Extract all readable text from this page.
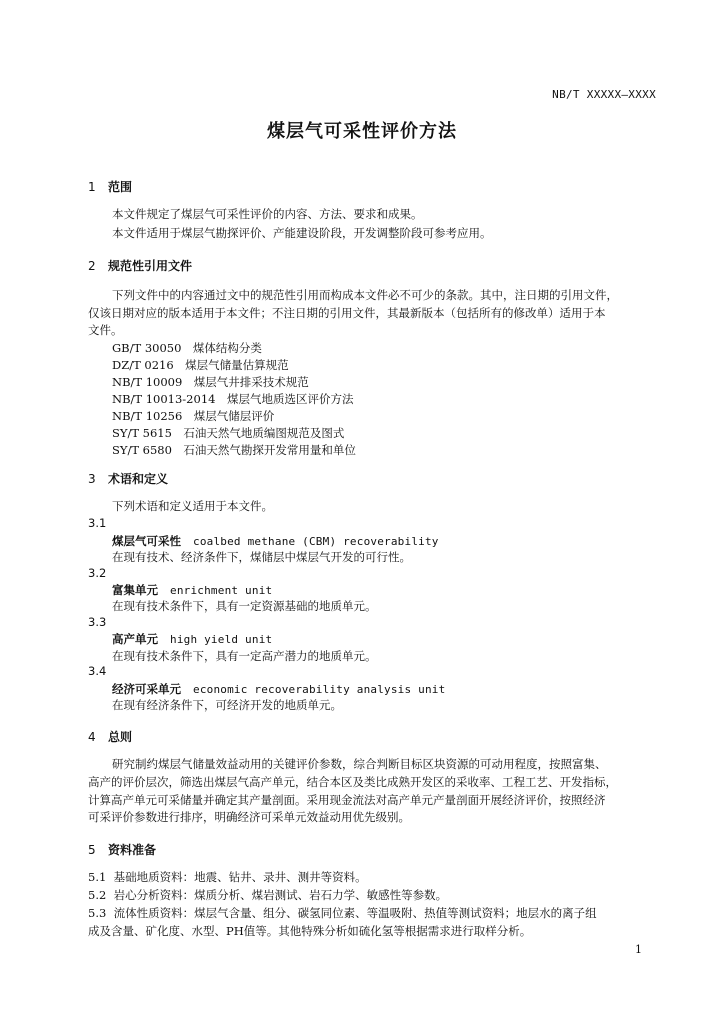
NB/T XXXXX—XXXX
煤层气可采性评价方法
1 范围
本文件规定了煤层气可采性评价的内容、方法、要求和成果。
本文件适用于煤层气勘探评价、产能建设阶段，开发调整阶段可参考应用。
2 规范性引用文件
下列文件中的内容通过文中的规范性引用而构成本文件必不可少的条款。其中，注日期的引用文件，
仅该日期对应的版本适用于本文件；不注日期的引用文件，其最新版本（包括所有的修改单）适用于本
文件。
GB/T 30050　煤体结构分类
DZ/T 0216　煤层气储量估算规范
NB/T 10009　煤层气井排采技术规范
NB/T 10013-2014　煤层气地质选区评价方法
NB/T 10256　煤层气储层评价
SY/T 5615　石油天然气地质编图规范及图式
SY/T 6580　石油天然气勘探开发常用量和单位
3 术语和定义
下列术语和定义适用于本文件。
3.1
煤层气可采性 coalbed methane (CBM) recoverability
在现有技术、经济条件下，煤储层中煤层气开发的可行性。
3.2
富集单元 enrichment unit
在现有技术条件下，具有一定资源基础的地质单元。
3.3
高产单元 high yield unit
在现有技术条件下，具有一定高产潜力的地质单元。
3.4
经济可采单元 economic recoverability analysis unit
在现有经济条件下，可经济开发的地质单元。
4 总则
研究制约煤层气储量效益动用的关键评价参数，综合判断目标区块资源的可动用程度，按照富集、
高产的评价层次，筛选出煤层气高产单元，结合本区及类比成熟开发区的采收率、工程工艺、开发指标，
计算高产单元可采储量并确定其产量剖面。采用现金流法对高产单元产量剖面开展经济评价，按照经济
可采评价参数进行排序，明确经济可采单元效益动用优先级别。
5 资料准备
5.1 基础地质资料：地震、钻井、录井、测井等资料。
5.2 岩心分析资料：煤质分析、煤岩测试、岩石力学、敏感性等参数。
5.3 流体性质资料：煤层气含量、组分、碳氢同位素、等温吸附、热值等测试资料；地层水的离子组
成及含量、矿化度、水型、PH值等。其他特殊分析如硫化氢等根据需求进行取样分析。
1
